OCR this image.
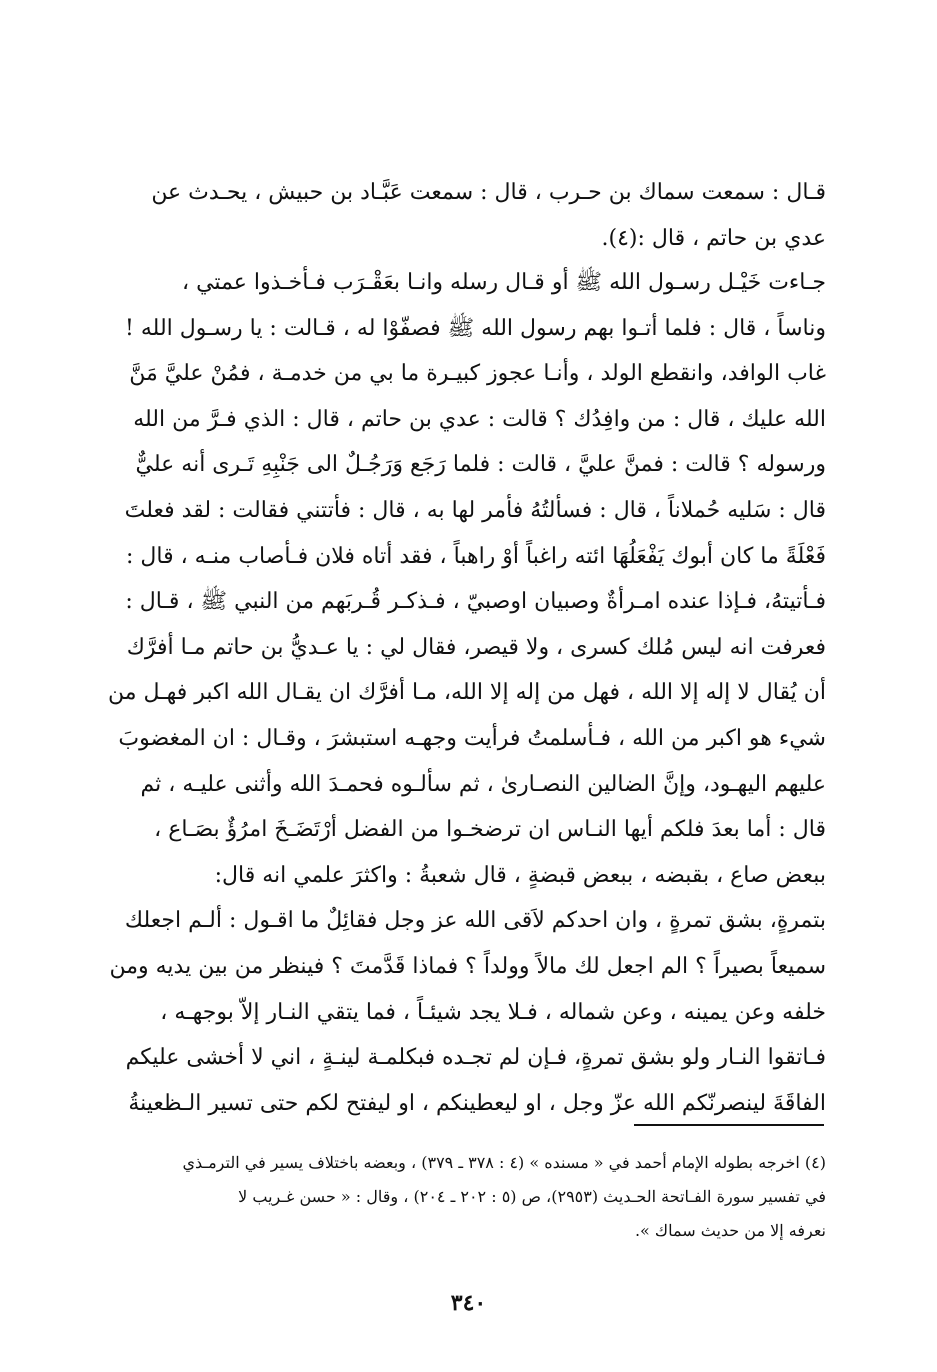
قـال : سمعت سماك بن حـرب ، قال : سمعت عَبَّـاد بن حبيش ، يحـدث عن
عدي بن حاتم ، قال :(٤).
جـاءت خَيْـل رسـول الله ﷺ أو قـال رسله وانـا بعَقْـرَب فـأخـذوا عمتي ،
وناساً ، قال : فلما أتـوا بهم رسول الله ﷺ فصفّوْا له ، قـالت : يا رسـول الله !
غاب الوافد، وانقطع الولد ، وأنـا عجوز كبيـرة ما بي من خدمـة ، فمُنْ عليَّ مَنَّ
الله عليك ، قال : من وافِدُك ؟ قالت : عدي بن حاتم ، قال : الذي فـرَّ من الله
ورسوله ؟ قالت : فمنَّ عليَّ ، قالت : فلما رَجَع وَرَجُـلٌ الى جَنْبِهِ تَـرى أنه عليٌّ
قال : سَليه حُملاناً ، قال : فسألتُهُ فأمر لها به ، قال : فأتتني فقالت : لقد فعلتَ
فَعْلَةً ما كان أبوك يَفْعَلُهَا ائته راغباً أوْ راهباً ، فقد أتاه فلان فـأصاب منـه ، قال :
فـأتيتهُ، فـإذا عنده امـرأةٌ وصبيان اوصبيّ ، فـذكـر قُـربَهم من النبي ﷺ ، قـال :
فعرفت انه ليس مُلك كسرى ، ولا قيصر، فقال لي : يا عـديُّ بن حاتم مـا أفرَّك
أن يُقال لا إله إلا الله ، فهل من إله إلا الله، مـا أفرَّك ان يقـال الله اكبر فهـل من
شيء هو اكبر من الله ، فـأسلمتُ فرأيت وجهـه استبشرَ ، وقـال : ان المغضوبَ
عليهم اليهـود، وإنَّ الضالين النصـارىٰ ، ثم سألـوه فحمـدَ الله وأثنى عليـه ، ثم
قال : أما بعدَ فلكم أيها النـاس ان ترضخـوا من الفضل أرْتَضَـخَ امرُؤٌ بصَـاع ،
ببعض صاع ، بقبضه ، ببعض قبضةٍ ، قال شعبةُ : واكثرَ علمي انه قال:
بتمرةٍ، بشق تمرةٍ ، وان احدكم لاَقى الله عز وجل فقائِلٌ ما اقـول : ألـم اجعلك
سميعاً بصيراً ؟ الم اجعل لك مالاً وولداً ؟ فماذا قَدَّمتَ ؟ فينظر من بين يديه ومن
خلفه وعن يمينه ، وعن شماله ، فـلا يجد شيئـاً ، فما يتقي النـار إلاّ بوجهـه ،
فـاتقوا النـار ولو بشق تمرةٍ، فـإن لم تجـده فبكلمـة لينـةٍ ، اني لا أخشى عليكم
الفاقَةَ لينصرنّكم الله عزّ وجل ، او ليعطينكم ، او ليفتح لكم حتى تسير الـظعينةُ
(٤) اخرجه بطوله الإمام أحمد في « مسنده » (٤ : ٣٧٨ ـ ٣٧٩) ، وبعضه باختلاف يسير في الترمـذي
في تفسير سورة الفـاتحة الحـديث (٢٩٥٣)، ص (٥ : ٢٠٢ ـ ٢٠٤) ، وقال : « حسن غـريب لا
نعرفه إلا من حديث سماك ».
٣٤٠
